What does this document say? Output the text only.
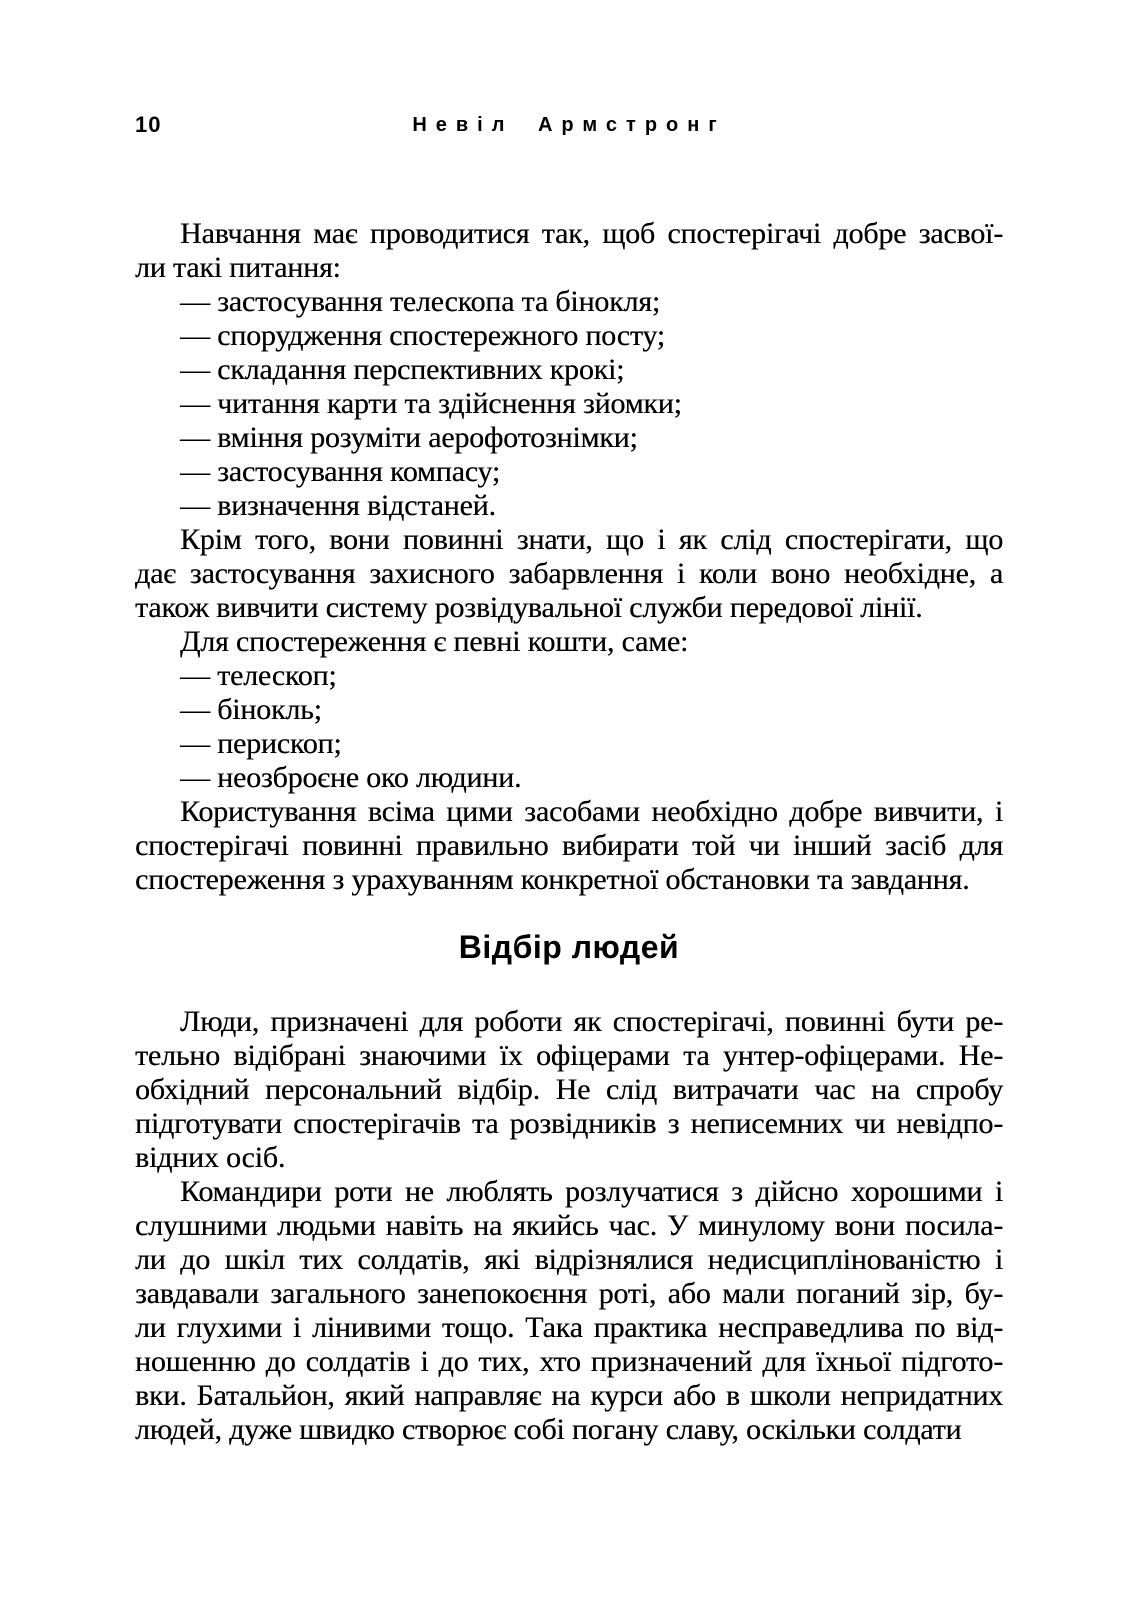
10	Невіл Армстронг
Навчання має проводитися так, щоб спостерігачі добре засвої-
ли такі питання:
— застосування телескопа та бінокля;
— спорудження спостережного посту;
— складання перспективних крокі;
— читання карти та здійснення зйомки;
— вміння розуміти аерофотознімки;
— застосування компасу;
— визначення відстаней.
Крім того, вони повинні знати, що і як слід спостерігати, що
дає застосування захисного забарвлення і коли воно необхідне, а
також вивчити систему розвідувальної служби передової лінії.
Для спостереження є певні кошти, саме:
— телескоп;
— бінокль;
— перископ;
— неозброєне око людини.
Користування всіма цими засобами необхідно добре вивчити, і
спостерігачі повинні правильно вибирати той чи інший засіб для
спостереження з урахуванням конкретної обстановки та завдання.
Відбір людей
Люди, призначені для роботи як спостерігачі, повинні бути ре-
тельно відібрані знаючими їх офіцерами та унтер-офіцерами. Не-
обхідний персональний відбір. Не слід витрачати час на спробу
підготувати спостерігачів та розвідників з неписемних чи невідпо-
відних осіб.
Командири роти не люблять розлучатися з дійсно хорошими і
слушними людьми навіть на якийсь час. У минулому вони посила-
ли до шкіл тих солдатів, які відрізнялися недисциплінованістю і
завдавали загального занепокоєння роті, або мали поганий зір, бу-
ли глухими і лінивими тощо. Така практика несправедлива по від-
ношенню до солдатів і до тих, хто призначений для їхньої підгото-
вки. Батальйон, який направляє на курси або в школи непридатних
людей, дуже швидко створює собі погану славу, оскільки солдати
